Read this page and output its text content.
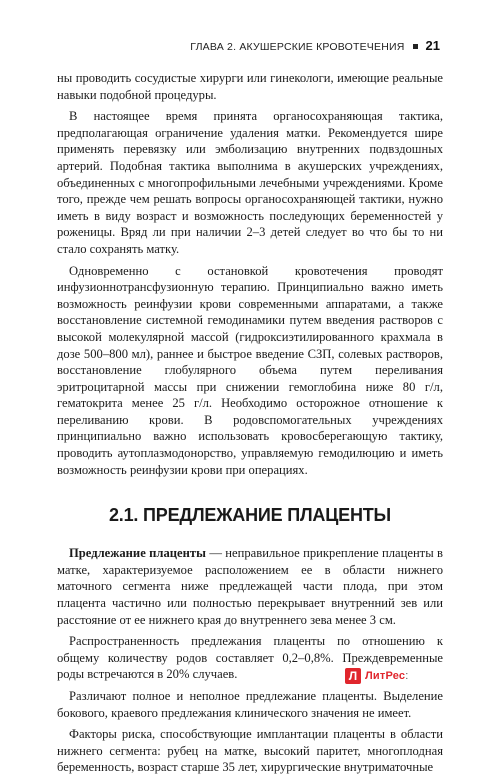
ГЛАВА 2. АКУШЕРСКИЕ КРОВОТЕЧЕНИЯ 21

ны проводить сосудистые хирурги или гинекологи, имеющие реальные навыки подобной процедуры.

В настоящее время принята органосохраняющая тактика, предполагающая ограничение удаления матки. Рекомендуется шире применять перевязку или эмболизацию внутренних подвздошных артерий. Подобная тактика выполнима в акушерских учреждениях, объединенных с многопрофильными лечебными учреждениями. Кроме того, прежде чем решать вопросы органосохраняющей тактики, нужно иметь в виду возраст и возможность последующих беременностей у роженицы. Вряд ли при наличии 2–3 детей следует во что бы то ни стало сохранять матку.

Одновременно с остановкой кровотечения проводят инфузионнотрансфузионную терапию. Принципиально важно иметь возможность реинфузии крови современными аппаратами, а также восстановление системной гемодинамики путем введения растворов с высокой молекулярной массой (гидроксиэтилированного крахмала в дозе 500–800 мл), раннее и быстрое введение СЗП, солевых растворов, восстановление глобулярного объема путем переливания эритроцитарной массы при снижении гемоглобина ниже 80 г/л, гематокрита менее 25 г/л. Необходимо осторожное отношение к переливанию крови. В родовспомогательных учреждениях принципиально важно использовать кровосберегающую тактику, проводить аутоплазмодонорство, управляемую гемодилюцию и иметь возможность реинфузии крови при операциях.

2.1. ПРЕДЛЕЖАНИЕ ПЛАЦЕНТЫ

Предлежание плаценты — неправильное прикрепление плаценты в матке, характеризуемое расположением ее в области нижнего маточного сегмента ниже предлежащей части плода, при этом плацента частично или полностью перекрывает внутренний зев или расстояние от ее нижнего края до внутреннего зева менее 3 см.

Распространенность предлежания плаценты по отношению к общему количеству родов составляет 0,2–0,8%. Преждевременные роды встречаются в 20% случаев.

Различают полное и неполное предлежание плаценты. Выделение бокового, краевого предлежания клинического значения не имеет.

Факторы риска, способствующие имплантации плаценты в области нижнего сегмента: рубец на матке, высокий паритет, многоплодная беременность, возраст старше 35 лет, хирургические внутриматочные

Л ЛитРес:
